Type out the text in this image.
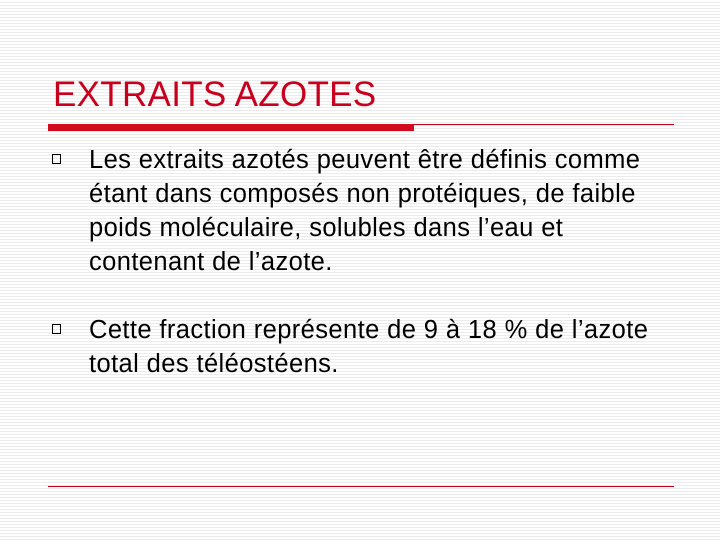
EXTRAITS AZOTES
Les extraits azotés peuvent être définis comme étant dans composés non protéiques, de faible poids moléculaire, solubles dans l’eau et contenant de l’azote.
Cette fraction représente de 9 à 18 % de l’azote total des téléostéens.
